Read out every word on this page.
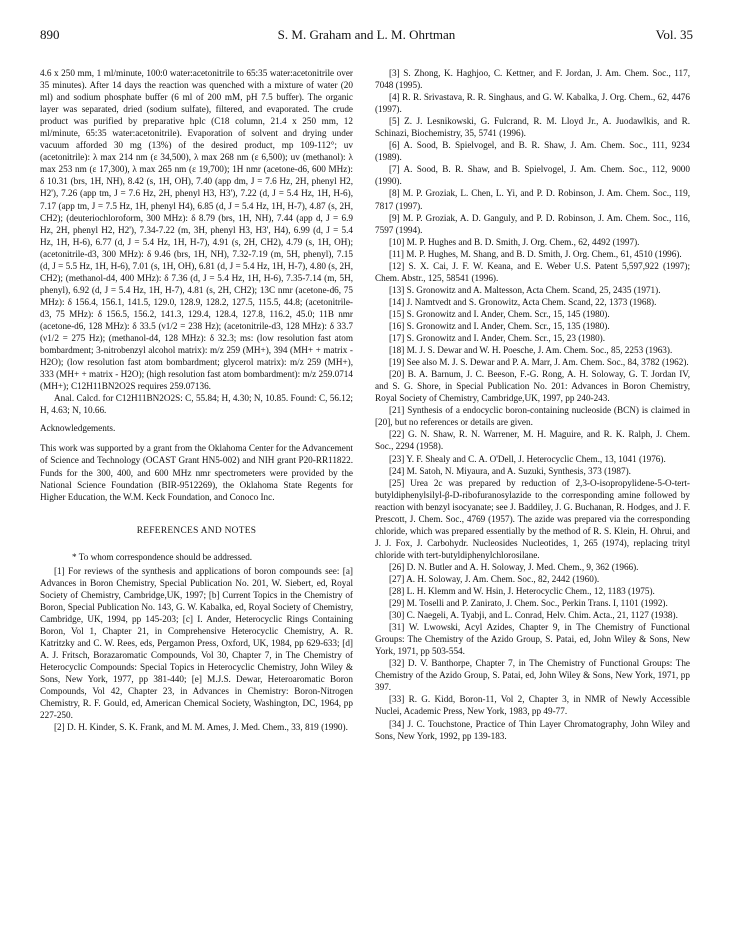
890	S. M. Graham and L. M. Ohrtman	Vol. 35

4.6 x 250 mm, 1 ml/minute, 100:0 water:acetonitrile to 65:35 water:acetonitrile over 35 minutes). After 14 days the reaction was quenched with a mixture of water (20 ml) and sodium phosphate buffer (6 ml of 200 mM, pH 7.5 buffer). The organic layer was separated, dried (sodium sulfate), filtered, and evaporated. The crude product was purified by preparative hplc (C18 column, 21.4 x 250 mm, 12 ml/minute, 65:35 water:acetonitrile). Evaporation of solvent and drying under vacuum afforded 30 mg (13%) of the desired product, mp 109-112°; uv (acetonitrile): λ max 214 nm (ε 34,500), λ max 268 nm (ε 6,500); uv (methanol): λ max 253 nm (ε 17,300), λ max 265 nm (ε 19,700); 1H nmr (acetone-d6, 600 MHz): δ 10.31 (brs, 1H, NH), 8.42 (s, 1H, OH), 7.40 (app dm, J = 7.6 Hz, 2H, phenyl H2, H2'), 7.26 (app tm, J = 7.6 Hz, 2H, phenyl H3, H3'), 7.22 (d, J = 5.4 Hz, 1H, H-6), 7.17 (app tm, J = 7.5 Hz, 1H, phenyl H4), 6.85 (d, J = 5.4 Hz, 1H, H-7), 4.87 (s, 2H, CH2); (deuteriochloroform, 300 MHz): δ 8.79 (brs, 1H, NH), 7.44 (app d, J = 6.9 Hz, 2H, phenyl H2, H2'), 7.34-7.22 (m, 3H, phenyl H3, H3', H4), 6.99 (d, J = 5.4 Hz, 1H, H-6), 6.77 (d, J = 5.4 Hz, 1H, H-7), 4.91 (s, 2H, CH2), 4.79 (s, 1H, OH); (acetonitrile-d3, 300 MHz): δ 9.46 (brs, 1H, NH), 7.32-7.19 (m, 5H, phenyl), 7.15 (d, J = 5.5 Hz, 1H, H-6), 7.01 (s, 1H, OH), 6.81 (d, J = 5.4 Hz, 1H, H-7), 4.80 (s, 2H, CH2); (methanol-d4, 400 MHz): δ 7.36 (d, J = 5.4 Hz, 1H, H-6), 7.35-7.14 (m, 5H, phenyl), 6.92 (d, J = 5.4 Hz, 1H, H-7), 4.81 (s, 2H, CH2); 13C nmr (acetone-d6, 75 MHz): δ 156.4, 156.1, 141.5, 129.0, 128.9, 128.2, 127.5, 115.5, 44.8; (acetonitrile-d3, 75 MHz): δ 156.5, 156.2, 141.3, 129.4, 128.4, 127.8, 116.2, 45.0; 11B nmr (acetone-d6, 128 MHz): δ 33.5 (ν1/2 = 238 Hz); (acetonitrile-d3, 128 MHz): δ 33.7 (ν1/2 = 275 Hz); (methanol-d4, 128 MHz): δ 32.3; ms: (low resolution fast atom bombardment; 3-nitrobenzyl alcohol matrix): m/z 259 (MH+), 394 (MH+ + matrix - H2O); (low resolution fast atom bombardment; glycerol matrix): m/z 259 (MH+), 333 (MH+ + matrix - H2O); (high resolution fast atom bombardment): m/z 259.0714 (MH+); C12H11BN2O2S requires 259.07136.

Anal. Calcd. for C12H11BN2O2S: C, 55.84; H, 4.30; N, 10.85. Found: C, 56.12; H, 4.63; N, 10.66.

Acknowledgements.

This work was supported by a grant from the Oklahoma Center for the Advancement of Science and Technology (OCAST Grant HN5-002) and NIH grant P20-RR11822. Funds for the 300, 400, and 600 MHz nmr spectrometers were provided by the National Science Foundation (BIR-9512269), the Oklahoma State Regents for Higher Education, the W.M. Keck Foundation, and Conoco Inc.

REFERENCES AND NOTES

* To whom correspondence should be addressed.

[1] For reviews of the synthesis and applications of boron compounds see: [a] Advances in Boron Chemistry, Special Publication No. 201, W. Siebert, ed, Royal Society of Chemistry, Cambridge,UK, 1997; [b] Current Topics in the Chemistry of Boron, Special Publication No. 143, G. W. Kabalka, ed, Royal Society of Chemistry, Cambridge, UK, 1994, pp 145-203; [c] I. Ander, Heterocyclic Rings Containing Boron, Vol 1, Chapter 21, in Comprehensive Heterocyclic Chemistry, A. R. Katritzky and C. W. Rees, eds, Pergamon Press, Oxford, UK, 1984, pp 629-633; [d] A. J. Fritsch, Borazaromatic Compounds, Vol 30, Chapter 7, in The Chemistry of Heterocyclic Compounds: Special Topics in Heterocyclic Chemistry, John Wiley & Sons, New York, 1977, pp 381-440; [e] M.J.S. Dewar, Heteroaromatic Boron Compounds, Vol 42, Chapter 23, in Advances in Chemistry: Boron-Nitrogen Chemistry, R. F. Gould, ed, American Chemical Society, Washington, DC, 1964, pp 227-250.

[2] D. H. Kinder, S. K. Frank, and M. M. Ames, J. Med. Chem., 33, 819 (1990).

[3] S. Zhong, K. Haghjoo, C. Kettner, and F. Jordan, J. Am. Chem. Soc., 117, 7048 (1995).

[4] R. R. Srivastava, R. R. Singhaus, and G. W. Kabalka, J. Org. Chem., 62, 4476 (1997).

[5] Z. J. Lesnikowski, G. Fulcrand, R. M. Lloyd Jr., A. Juodawlkis, and R. Schinazi, Biochemistry, 35, 5741 (1996).

[6] A. Sood, B. Spielvogel, and B. R. Shaw, J. Am. Chem. Soc., 111, 9234 (1989).

[7] A. Sood, B. R. Shaw, and B. Spielvogel, J. Am. Chem. Soc., 112, 9000 (1990).

[8] M. P. Groziak, L. Chen, L. Yi, and P. D. Robinson, J. Am. Chem. Soc., 119, 7817 (1997).

[9] M. P. Groziak, A. D. Ganguly, and P. D. Robinson, J. Am. Chem. Soc., 116, 7597 (1994).

[10] M. P. Hughes and B. D. Smith, J. Org. Chem., 62, 4492 (1997).

[11] M. P. Hughes, M. Shang, and B. D. Smith, J. Org. Chem., 61, 4510 (1996).

[12] S. X. Cai, J. F. W. Keana, and E. Weber U.S. Patent 5,597,922 (1997); Chem. Abstr., 125, 58541 (1996).

[13] S. Gronowitz and A. Maltesson, Acta Chem. Scand, 25, 2435 (1971).

[14] J. Namtvedt and S. Gronowitz, Acta Chem. Scand, 22, 1373 (1968).

[15] S. Gronowitz and I. Ander, Chem. Scr., 15, 145 (1980).

[16] S. Gronowitz and I. Ander, Chem. Scr., 15, 135 (1980).

[17] S. Gronowitz and I. Ander, Chem. Scr., 15, 23 (1980).

[18] M. J. S. Dewar and W. H. Poesche, J. Am. Chem. Soc., 85, 2253 (1963).

[19] See also M. J. S. Dewar and P. A. Marr, J. Am. Chem. Soc., 84, 3782 (1962).

[20] B. A. Barnum, J. C. Beeson, F.-G. Rong, A. H. Soloway, G. T. Jordan IV, and S. G. Shore, in Special Publication No. 201: Advances in Boron Chemistry, Royal Society of Chemistry, Cambridge,UK, 1997, pp 240-243.

[21] Synthesis of a endocyclic boron-containing nucleoside (BCN) is claimed in [20], but no references or details are given.

[22] G. N. Shaw, R. N. Warrener, M. H. Maguire, and R. K. Ralph, J. Chem. Soc., 2294 (1958).

[23] Y. F. Shealy and C. A. O'Dell, J. Heterocyclic Chem., 13, 1041 (1976).

[24] M. Satoh, N. Miyaura, and A. Suzuki, Synthesis, 373 (1987).

[25] Urea 2c was prepared by reduction of 2,3-O-isopropylidene-5-O-tert-butyldiphenylsilyl-β-D-ribofuranosylazide to the corresponding amine followed by reaction with benzyl isocyanate; see J. Baddiley, J. G. Buchanan, R. Hodges, and J. F. Prescott, J. Chem. Soc., 4769 (1957). The azide was prepared via the corresponding chloride, which was prepared essentially by the method of R. S. Klein, H. Ohrui, and J. J. Fox, J. Carbohydr. Nucleosides Nucleotides, 1, 265 (1974), replacing trityl chloride with tert-butyldiphenylchlorosilane.

[26] D. N. Butler and A. H. Soloway, J. Med. Chem., 9, 362 (1966).

[27] A. H. Soloway, J. Am. Chem. Soc., 82, 2442 (1960).

[28] L. H. Klemm and W. Hsin, J. Heterocyclic Chem., 12, 1183 (1975).

[29] M. Toselli and P. Zanirato, J. Chem. Soc., Perkin Trans. I, 1101 (1992).

[30] C. Naegeli, A. Tyabji, and L. Conrad, Helv. Chim. Acta., 21, 1127 (1938).

[31] W. Lwowski, Acyl Azides, Chapter 9, in The Chemistry of Functional Groups: The Chemistry of the Azido Group, S. Patai, ed, John Wiley & Sons, New York, 1971, pp 503-554.

[32] D. V. Banthorpe, Chapter 7, in The Chemistry of Functional Groups: The Chemistry of the Azido Group, S. Patai, ed, John Wiley & Sons, New York, 1971, pp 397.

[33] R. G. Kidd, Boron-11, Vol 2, Chapter 3, in NMR of Newly Accessible Nuclei, Academic Press, New York, 1983, pp 49-77.

[34] J. C. Touchstone, Practice of Thin Layer Chromatography, John Wiley and Sons, New York, 1992, pp 139-183.
